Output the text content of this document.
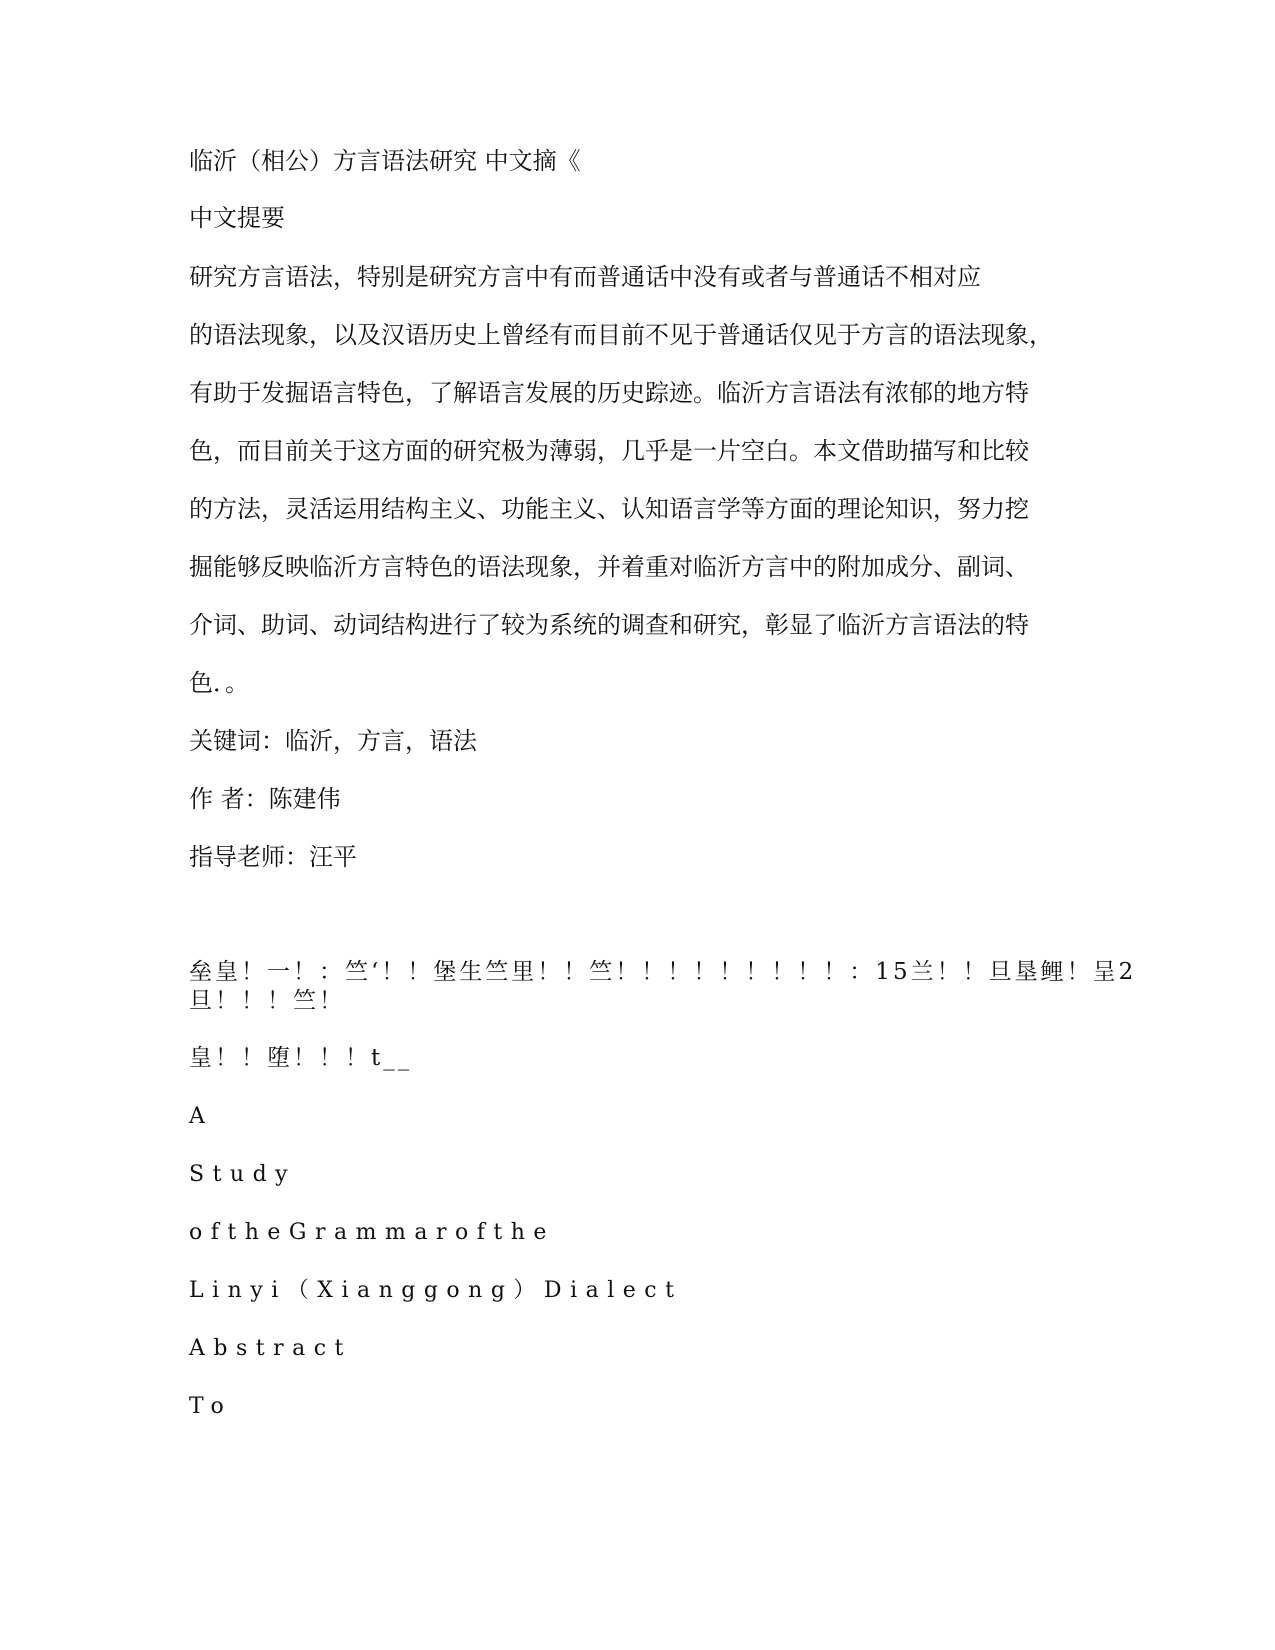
临沂（相公）方言语法研究 中文摘《

中文提要

研究方言语法，特别是研究方言中有而普通话中没有或者与普通话不相对应

的语法现象，以及汉语历史上曾经有而目前不见于普通话仅见于方言的语法现象，

有助于发掘语言特色，了解语言发展的历史踪迹。临沂方言语法有浓郁的地方特

色，而目前关于这方面的研究极为薄弱，几乎是一片空白。本文借助描写和比较

的方法，灵活运用结构主义、功能主义、认知语言学等方面的理论知识，努力挖

掘能够反映临沂方言特色的语法现象，并着重对临沂方言中的附加成分、副词、

介词、助词、动词结构进行了较为系统的调查和研究，彰显了临沂方言语法的特

色．。

关键词：临沂，方言，语法

作 者：陈建伟

指导老师：汪平

垒皇！一！：竺‘！！堡生竺里！！竺！！！！！！！！！：15兰！！旦垦鲤！呈2

旦！！！竺！

皇！！堕！！！t__

A

Study

oftheGrammarofthe

Linyi（Xianggong）Dialect

Abstract

To
